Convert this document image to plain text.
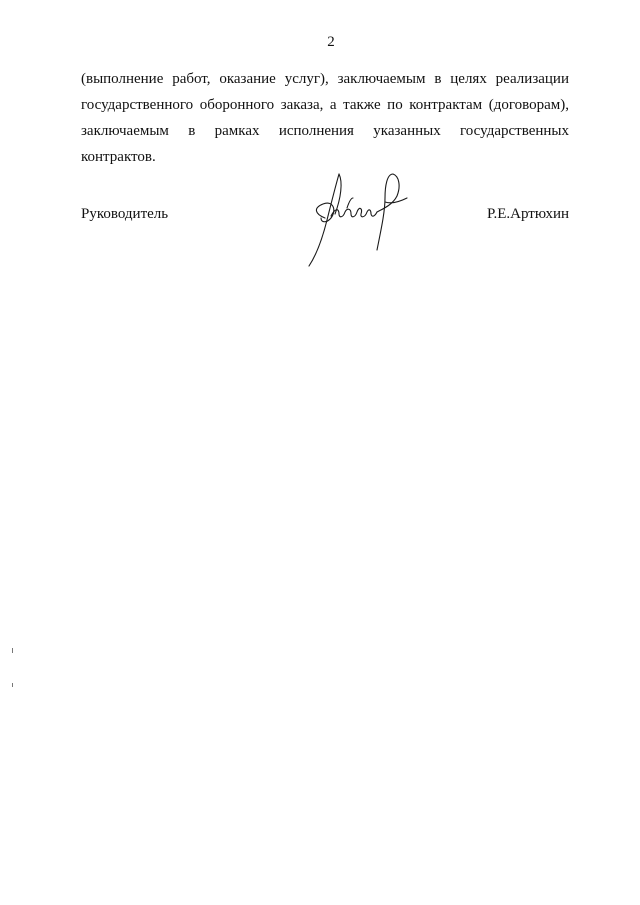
2
(выполнение работ, оказание услуг), заключаемым в целях реализации
государственного оборонного заказа, а также по контрактам (договорам),
заключаемым в рамках исполнения указанных государственных
контрактов.
Руководитель	Р.Е.Артюхин
